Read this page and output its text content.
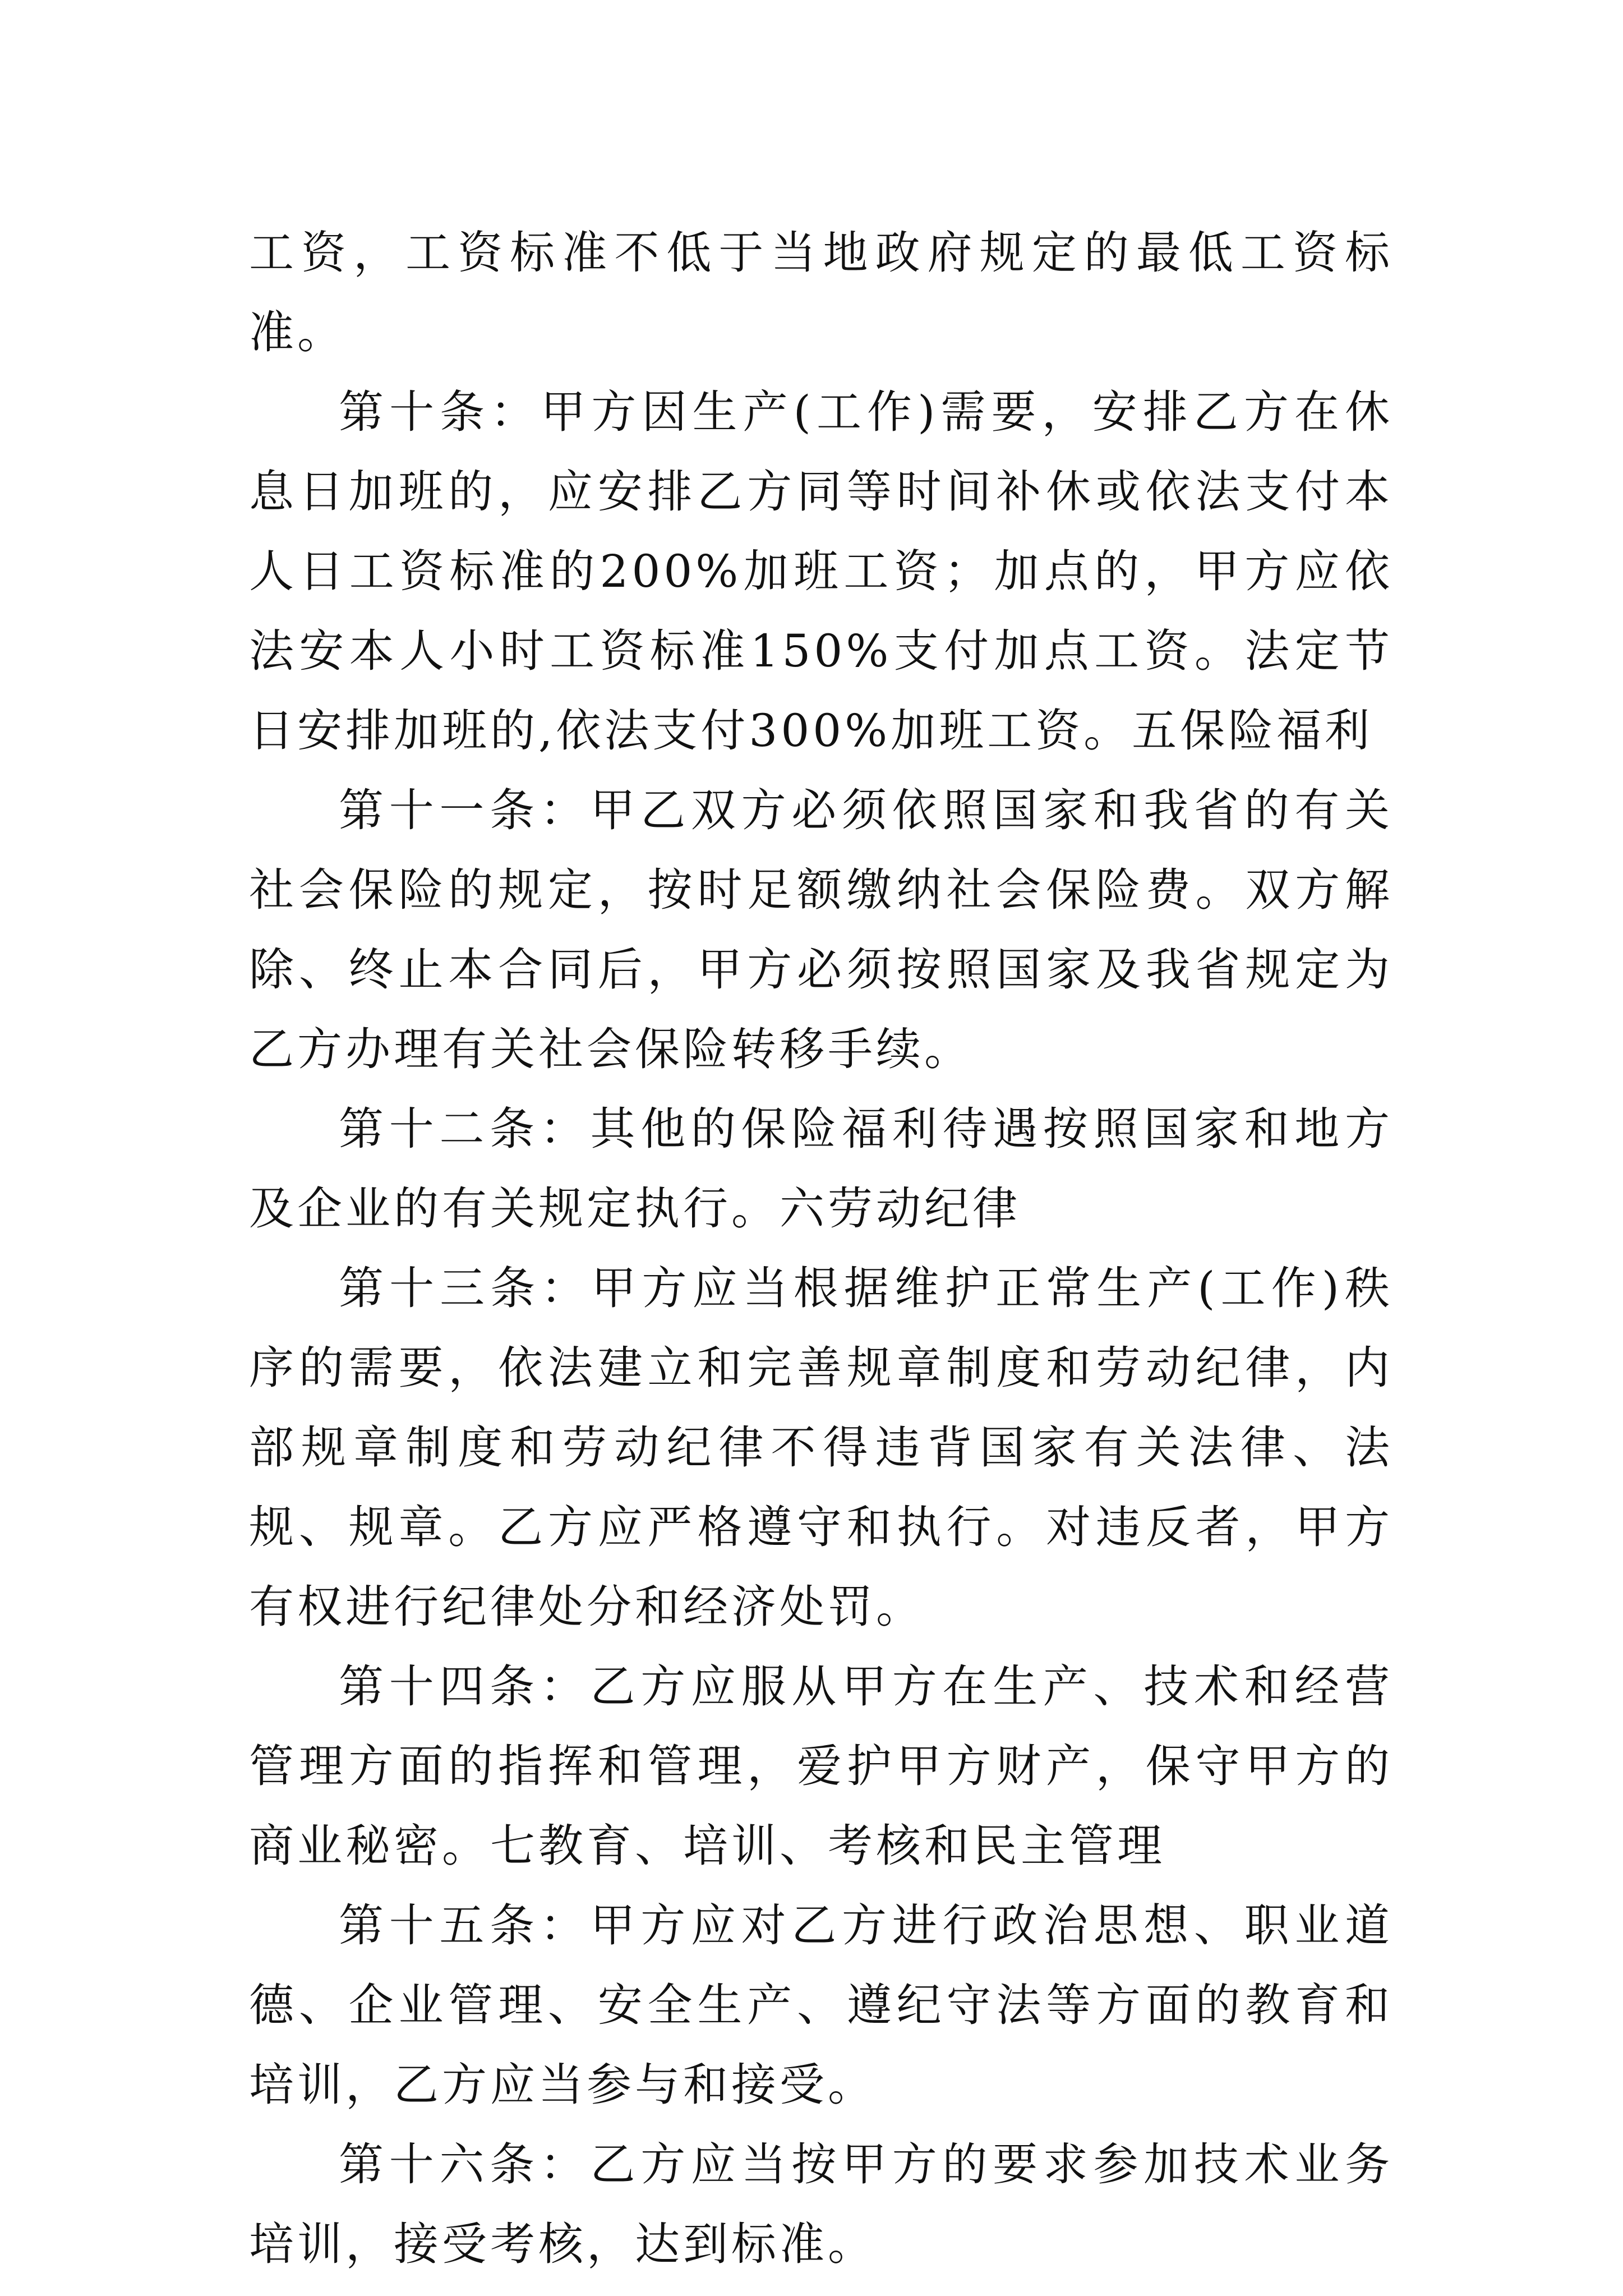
工资，工资标准不低于当地政府规定的最低工资标准。

第十条：甲方因生产(工作)需要，安排乙方在休息日加班的，应安排乙方同等时间补休或依法支付本人日工资标准的200%加班工资；加点的，甲方应依法安本人小时工资标准150%支付加点工资。法定节日安排加班的,依法支付300%加班工资。五保险福利

第十一条：甲乙双方必须依照国家和我省的有关社会保险的规定，按时足额缴纳社会保险费。双方解除、终止本合同后，甲方必须按照国家及我省规定为乙方办理有关社会保险转移手续。

第十二条：其他的保险福利待遇按照国家和地方及企业的有关规定执行。六劳动纪律

第十三条：甲方应当根据维护正常生产(工作)秩序的需要，依法建立和完善规章制度和劳动纪律，内部规章制度和劳动纪律不得违背国家有关法律、法规、规章。乙方应严格遵守和执行。对违反者，甲方有权进行纪律处分和经济处罚。

第十四条：乙方应服从甲方在生产、技术和经营管理方面的指挥和管理，爱护甲方财产，保守甲方的商业秘密。七教育、培训、考核和民主管理

第十五条：甲方应对乙方进行政治思想、职业道德、企业管理、安全生产、遵纪守法等方面的教育和培训，乙方应当参与和接受。

第十六条：乙方应当按甲方的要求参加技术业务培训，接受考核，达到标准。
